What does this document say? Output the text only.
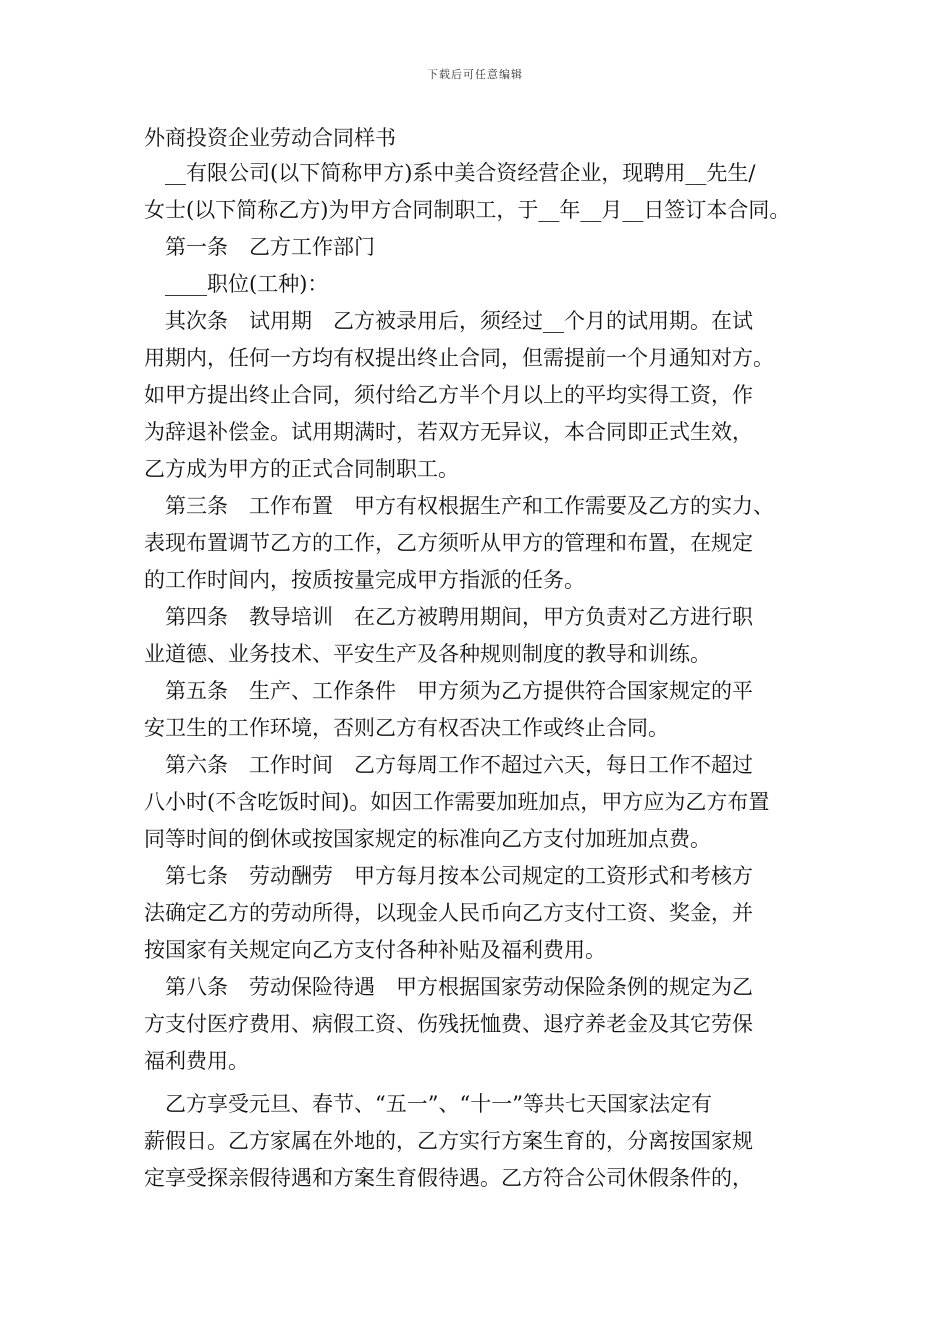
下载后可任意编辑
外商投资企业劳动合同样书
__有限公司(以下简称甲方)系中美合资经营企业，现聘用__先生/
女士(以下简称乙方)为甲方合同制职工，于__年__月__日签订本合同。
第一条　乙方工作部门
____职位(工种)：
其次条　试用期　乙方被录用后，须经过__个月的试用期。在试
用期内，任何一方均有权提出终止合同，但需提前一个月通知对方。
如甲方提出终止合同，须付给乙方半个月以上的平均实得工资，作
为辞退补偿金。试用期满时，若双方无异议，本合同即正式生效，
乙方成为甲方的正式合同制职工。
第三条　工作布置　甲方有权根据生产和工作需要及乙方的实力、
表现布置调节乙方的工作，乙方须听从甲方的管理和布置，在规定
的工作时间内，按质按量完成甲方指派的任务。
第四条　教导培训　在乙方被聘用期间，甲方负责对乙方进行职
业道德、业务技术、平安生产及各种规则制度的教导和训练。
第五条　生产、工作条件　甲方须为乙方提供符合国家规定的平
安卫生的工作环境，否则乙方有权否决工作或终止合同。
第六条　工作时间　乙方每周工作不超过六天，每日工作不超过
八小时(不含吃饭时间)。如因工作需要加班加点，甲方应为乙方布置
同等时间的倒休或按国家规定的标准向乙方支付加班加点费。
第七条　劳动酬劳　甲方每月按本公司规定的工资形式和考核方
法确定乙方的劳动所得，以现金人民币向乙方支付工资、奖金，并
按国家有关规定向乙方支付各种补贴及福利费用。
第八条　劳动保险待遇　甲方根据国家劳动保险条例的规定为乙
方支付医疗费用、病假工资、伤残抚恤费、退疗养老金及其它劳保
福利费用。
乙方享受元旦、春节、“五一”、“十一”等共七天国家法定有
薪假日。乙方家属在外地的，乙方实行方案生育的，分离按国家规
定享受探亲假待遇和方案生育假待遇。乙方符合公司休假条件的，
